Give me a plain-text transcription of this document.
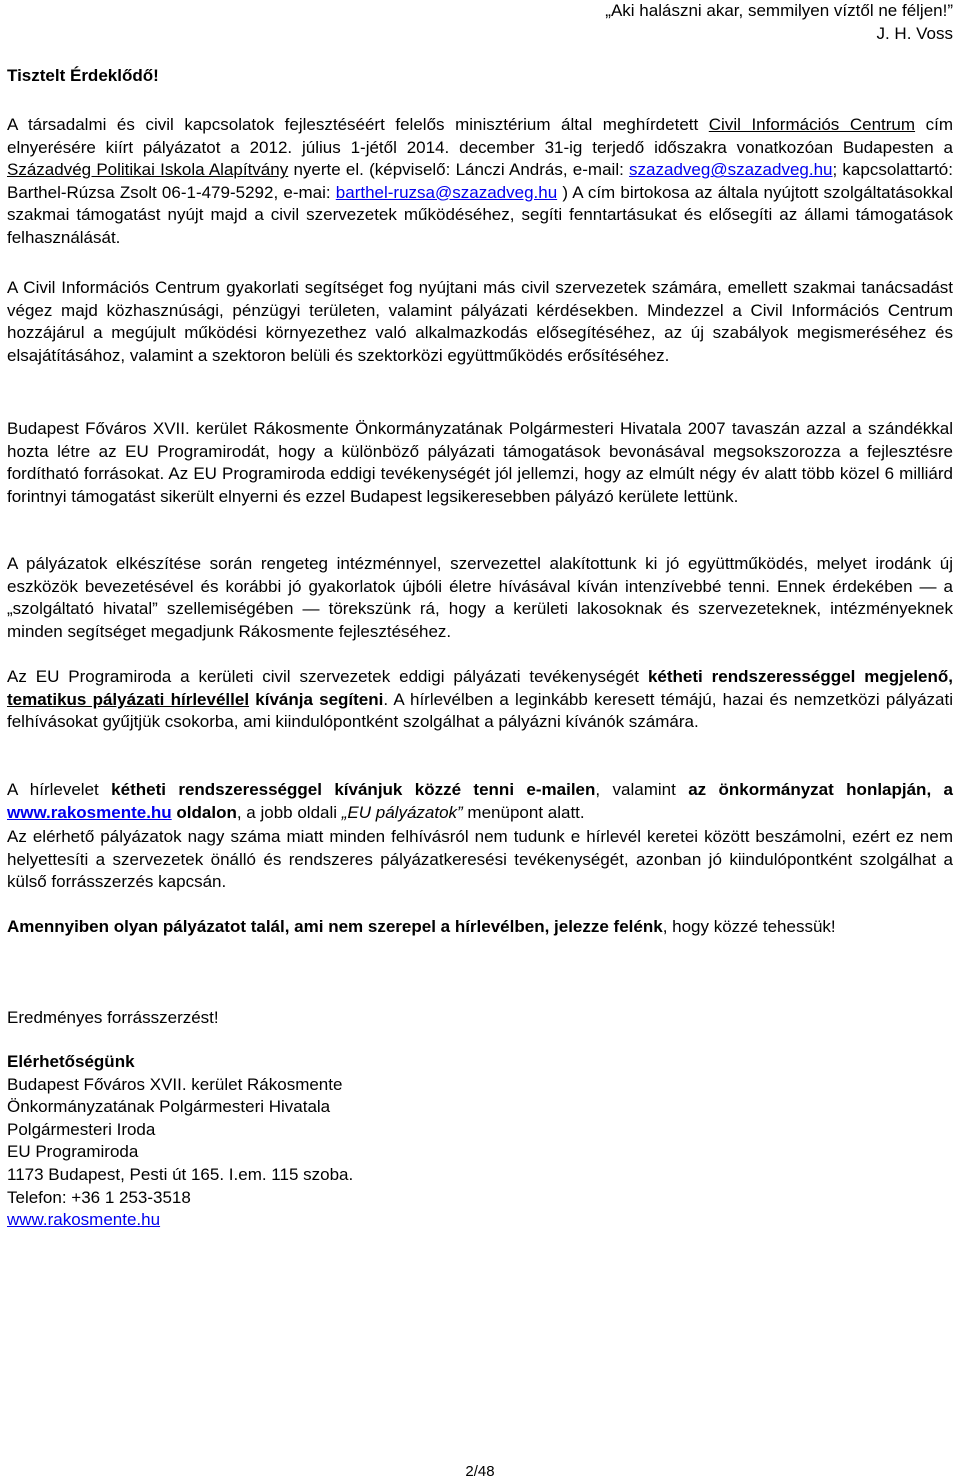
„Aki halászni akar, semmilyen víztől ne féljen!”
J. H. Voss
Tisztelt Érdeklődő!

A társadalmi és civil kapcsolatok fejlesztéséért felelős minisztérium által meghírdetett Civil Információs Centrum cím elnyerésére kiírt pályázatot a 2012. július 1-jétől 2014. december 31-ig terjedő időszakra vonatkozóan Budapesten a Századvég Politikai Iskola Alapítvány nyerte el. (képviselő: Lánczi András, e-mail: szazadveg@szazadveg.hu; kapcsolattartó: Barthel-Rúzsa Zsolt 06-1-479-5292, e-mai: barthel-ruzsa@szazadveg.hu ) A cím birtokosa az általa nyújtott szolgáltatásokkal szakmai támogatást nyújt majd a civil szervezetek működéséhez, segíti fenntartásukat és elősegíti az állami támogatások felhasználását.

A Civil Információs Centrum gyakorlati segítséget fog nyújtani más civil szervezetek számára, emellett szakmai tanácsadást végez majd közhasznúsági, pénzügyi területen, valamint pályázati kérdésekben. Mindezzel a Civil Információs Centrum hozzájárul a megújult működési környezethez való alkalmazkodás elősegítéséhez, az új szabályok megismeréséhez és elsajátításához, valamint a szektoron belüli és szektorközi együttműködés erősítéséhez.

Budapest Főváros XVII. kerület Rákosmente Önkormányzatának Polgármesteri Hivatala 2007 tavaszán azzal a szándékkal hozta létre az EU Programirodát, hogy a különböző pályázati támogatások bevonásával megsokszorozza a fejlesztésre fordítható forrásokat. Az EU Programiroda eddigi tevékenységét jól jellemzi, hogy az elmúlt négy év alatt több közel 6 milliárd forintnyi támogatást sikerült elnyerni és ezzel Budapest legsikeresebben pályázó kerülete lettünk.

A pályázatok elkészítése során rengeteg intézménnyel, szervezettel alakítottunk ki jó együttműködés, melyet irodánk új eszközök bevezetésével és korábbi jó gyakorlatok újbóli életre hívásával kíván intenzívebbé tenni. Ennek érdekében — a „szolgáltató hivatal” szellemiségében — törekszünk rá, hogy a kerületi lakosoknak és szervezeteknek, intézményeknek minden segítséget megadjunk Rákosmente fejlesztéséhez.

Az EU Programiroda a kerületi civil szervezetek eddigi pályázati tevékenységét kétheti rendszerességgel megjelenő, tematikus pályázati hírlevéllel kívánja segíteni. A hírlevélben a leginkább keresett témájú, hazai és nemzetközi pályázati felhívásokat gyűjtjük csokorba, ami kiindulópontként szolgálhat a pályázni kívánók számára.

A hírlevelet kétheti rendszerességgel kívánjuk közzé tenni e-mailen, valamint az önkormányzat honlapján, a www.rakosmente.hu oldalon, a jobb oldali „EU pályázatok” menüpont alatt.

Az elérhető pályázatok nagy száma miatt minden felhívásról nem tudunk e hírlevél keretei között beszámolni, ezért ez nem helyettesíti a szervezetek önálló és rendszeres pályázatkeresési tevékenységét, azonban jó kiindulópontként szolgálhat a külső forrásszerzés kapcsán.

Amennyiben olyan pályázatot talál, ami nem szerepel a hírlevélben, jelezze felénk, hogy közzé tehessük!

Eredményes forrásszerzést!

Elérhetőségünk
Budapest Főváros XVII. kerület Rákosmente
Önkormányzatának Polgármesteri Hivatala
Polgármesteri Iroda
EU Programiroda
1173 Budapest, Pesti út 165. I.em. 115 szoba.
Telefon: +36 1 253-3518
www.rakosmente.hu
2/48
